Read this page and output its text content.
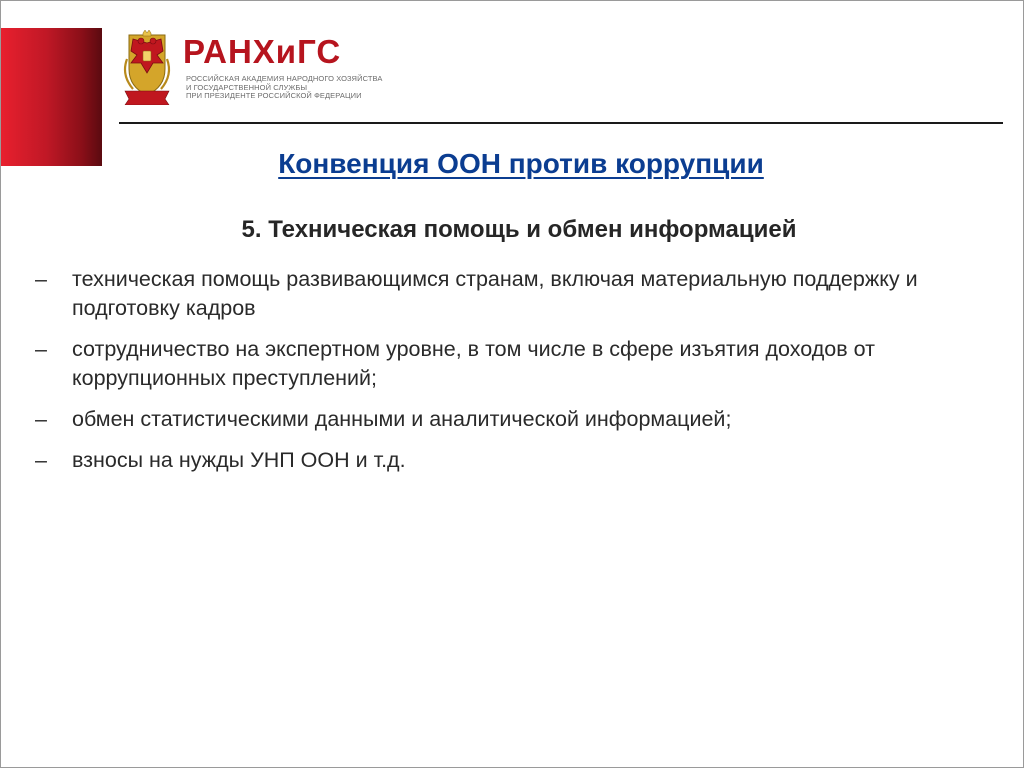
РАНХиГС
РОССИЙСКАЯ АКАДЕМИЯ НАРОДНОГО ХОЗЯЙСТВА
И ГОСУДАРСТВЕННОЙ СЛУЖБЫ
ПРИ ПРЕЗИДЕНТЕ РОССИЙСКОЙ ФЕДЕРАЦИИ
Конвенция ООН против коррупции
5. Техническая помощь и обмен информацией
–	техническая помощь развивающимся странам, включая материальную поддержку и подготовку кадров
–	сотрудничество на экспертном уровне, в том числе в сфере изъятия доходов от коррупционных преступлений;
–	обмен статистическими данными и аналитической информацией;
–	взносы на нужды УНП ООН и т.д.
